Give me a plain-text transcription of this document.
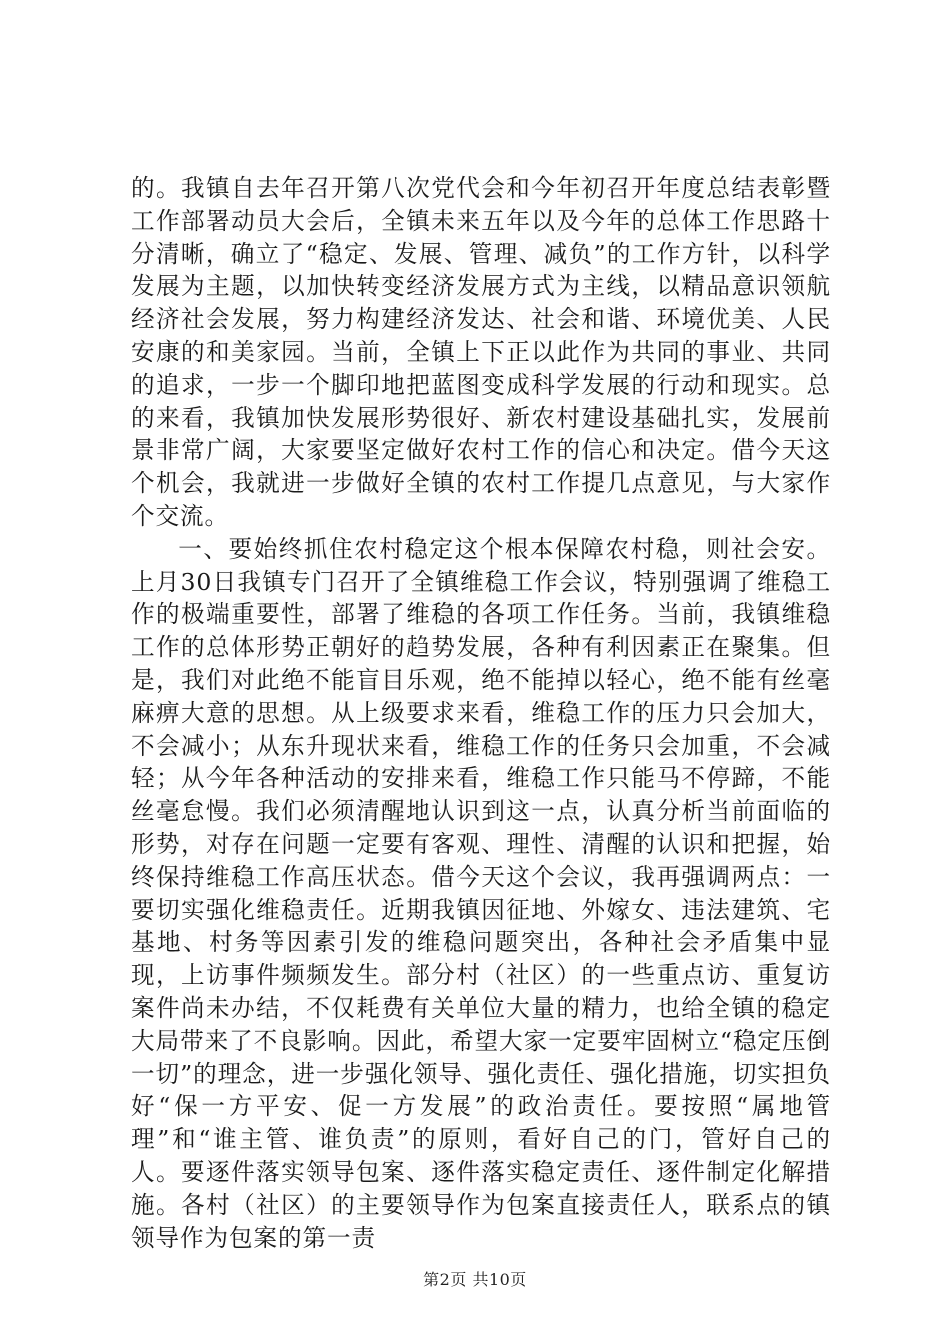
的。我镇自去年召开第八次党代会和今年初召开年度总结表彰暨工作部署动员大会后，全镇未来五年以及今年的总体工作思路十分清晰，确立了“稳定、发展、管理、减负”的工作方针，以科学发展为主题，以加快转变经济发展方式为主线，以精品意识领航经济社会发展，努力构建经济发达、社会和谐、环境优美、人民安康的和美家园。当前，全镇上下正以此作为共同的事业、共同的追求，一步一个脚印地把蓝图变成科学发展的行动和现实。总的来看，我镇加快发展形势很好、新农村建设基础扎实，发展前景非常广阔，大家要坚定做好农村工作的信心和决定。借今天这个机会，我就进一步做好全镇的农村工作提几点意见，与大家作个交流。

一、要始终抓住农村稳定这个根本保障农村稳，则社会安。上月30日我镇专门召开了全镇维稳工作会议，特别强调了维稳工作的极端重要性，部署了维稳的各项工作任务。当前，我镇维稳工作的总体形势正朝好的趋势发展，各种有利因素正在聚集。但是，我们对此绝不能盲目乐观，绝不能掉以轻心，绝不能有丝毫麻痹大意的思想。从上级要求来看，维稳工作的压力只会加大，不会减小；从东升现状来看，维稳工作的任务只会加重，不会减轻；从今年各种活动的安排来看，维稳工作只能马不停蹄，不能丝毫怠慢。我们必须清醒地认识到这一点，认真分析当前面临的形势，对存在问题一定要有客观、理性、清醒的认识和把握，始终保持维稳工作高压状态。借今天这个会议，我再强调两点：一要切实强化维稳责任。近期我镇因征地、外嫁女、违法建筑、宅基地、村务等因素引发的维稳问题突出，各种社会矛盾集中显现，上访事件频频发生。部分村（社区）的一些重点访、重复访案件尚未办结，不仅耗费有关单位大量的精力，也给全镇的稳定大局带来了不良影响。因此，希望大家一定要牢固树立“稳定压倒一切”的理念，进一步强化领导、强化责任、强化措施，切实担负好“保一方平安、促一方发展”的政治责任。要按照“属地管理”和“谁主管、谁负责”的原则，看好自己的门，管好自己的人。要逐件落实领导包案、逐件落实稳定责任、逐件制定化解措施。各村（社区）的主要领导作为包案直接责任人，联系点的镇领导作为包案的第一责

第2页 共10页
